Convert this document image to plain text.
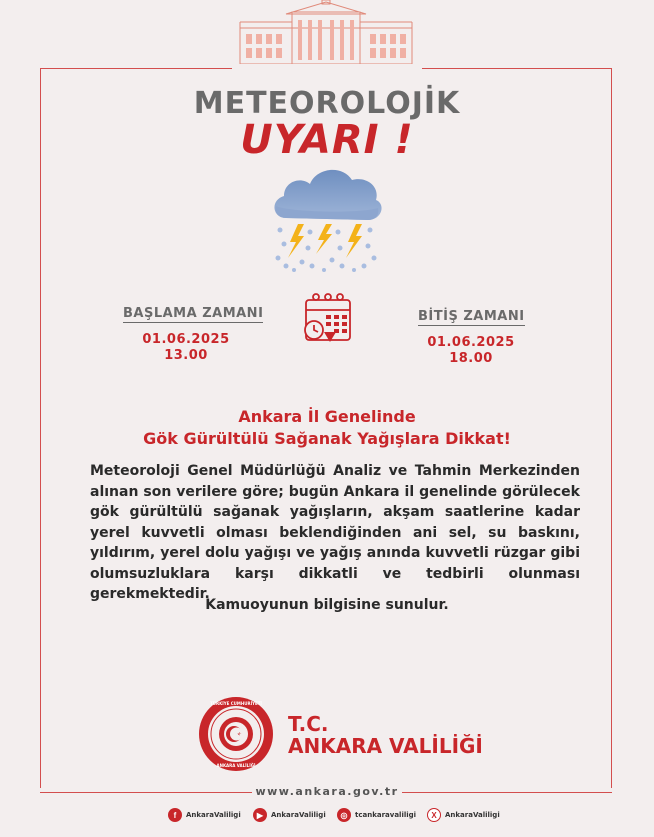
METEOROLOJİK
UYARI !
BAŞLAMA ZAMANI
01.06.2025
13.00
BİTİŞ ZAMANI
01.06.2025
18.00
Ankara İl Genelinde
Gök Gürültülü Sağanak Yağışlara Dikkat!
Meteoroloji Genel Müdürlüğü Analiz ve Tahmin Merkezinden alınan son verilere göre; bugün Ankara il genelinde görülecek gök gürültülü sağanak yağışların, akşam saatlerine kadar yerel kuvvetli olması beklendiğinden ani sel, su baskını, yıldırım, yerel dolu yağışı ve yağış anında kuvvetli rüzgar gibi olumsuzluklara karşı dikkatli ve tedbirli olunması gerekmektedir.
Kamuoyunun bilgisine sunulur.
TÜRKİYE CUMHURİYETİ
ANKARA VALİLİĞİ
T.C.
ANKARA VALİLİĞİ
www.ankara.gov.tr
f	AnkaraValiligi	▶	AnkaraValiligi	◎	tcankaravaliligi	X	AnkaraValiligi
